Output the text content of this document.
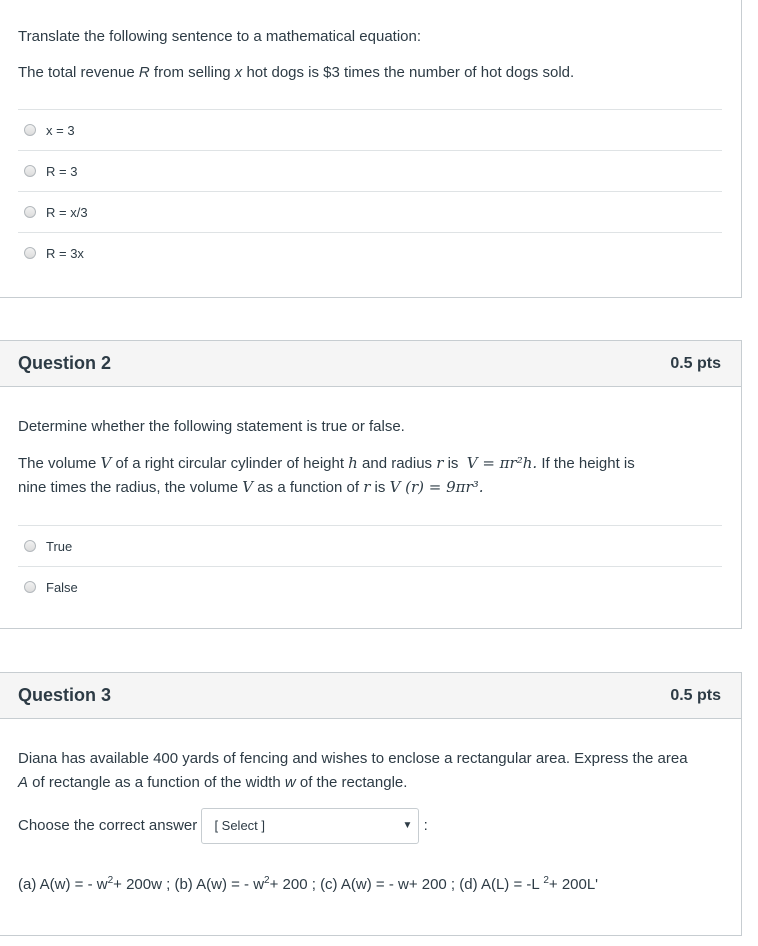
Translate the following sentence to a mathematical equation:
The total revenue R from selling x hot dogs is $3 times the number of hot dogs sold.
x = 3
R = 3
R = x/3
R = 3x
Question 2	0.5 pts
Determine whether the following statement is true or false.
The volume V of a right circular cylinder of height h and radius r is  V = πr²h. If the height is
nine times the radius, the volume V as a function of r is V (r) = 9πr³.
True
False
Question 3	0.5 pts
Diana has available 400 yards of fencing and wishes to enclose a rectangular area. Express the area
A of rectangle as a function of the width w of the rectangle.
Choose the correct answer [ Select ]	▼ :
(a) A(w) = - $w^2+ 200w$ ; (b) A(w) = - $w^2+ 200$ ; (c) A(w) = - w+ 200 ; (d) A(L) = -L $^2$+ 200L'
